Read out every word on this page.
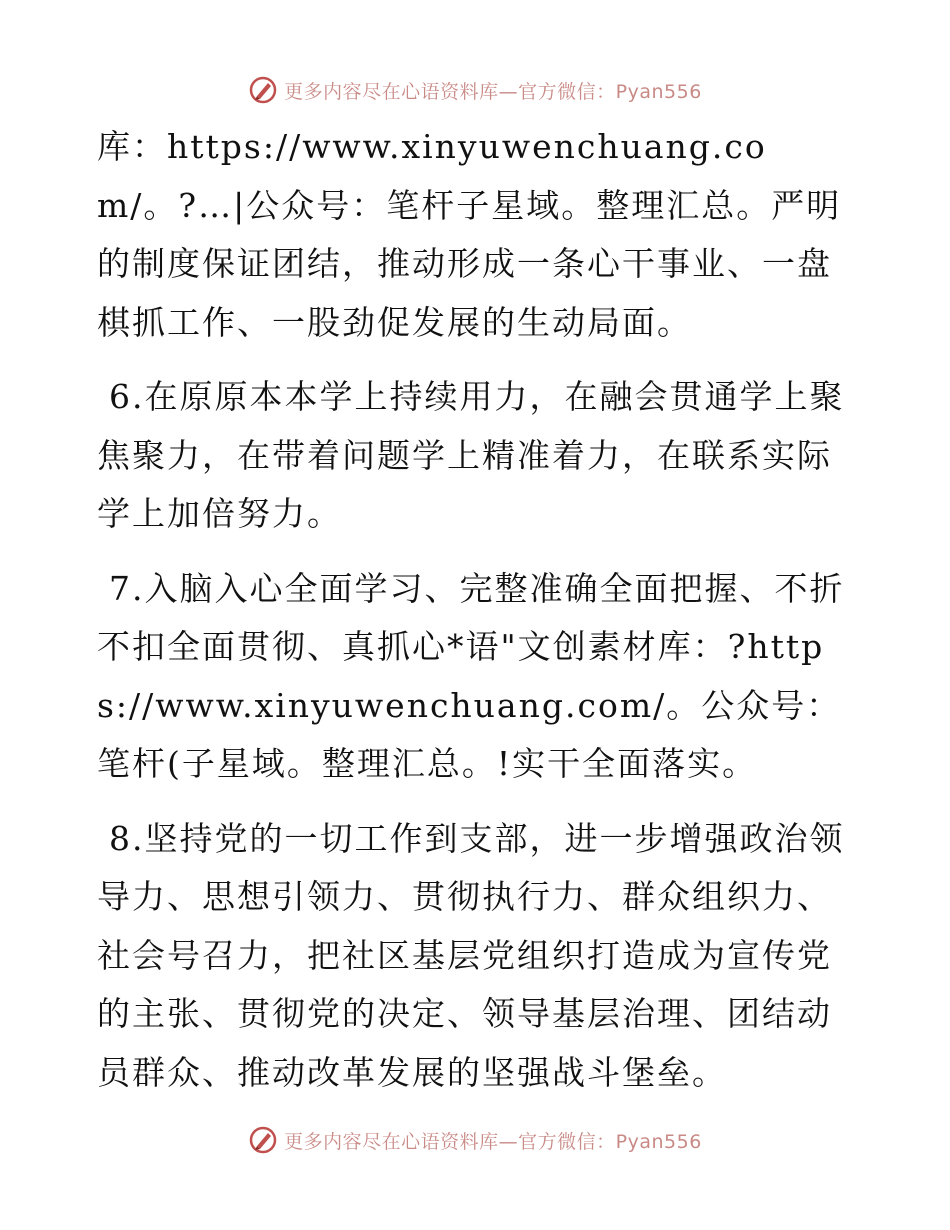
更多内容尽在心语资料库—官方微信：Pyan556

库：https://www.xinyuwenchuang.com/。?…|公众号：笔杆子星域。整理汇总。严明的制度保证团结，推动形成一条心干事业、一盘棋抓工作、一股劲促发展的生动局面。

6.在原原本本学上持续用力，在融会贯通学上聚焦聚力，在带着问题学上精准着力，在联系实际学上加倍努力。

7.入脑入心全面学习、完整准确全面把握、不折不扣全面贯彻、真抓心*语"文创素材库：?https://www.xinyuwenchuang.com/。公众号：笔杆(子星域。整理汇总。!实干全面落实。

8.坚持党的一切工作到支部，进一步增强政治领导力、思想引领力、贯彻执行力、群众组织力、社会号召力，把社区基层党组织打造成为宣传党的主张、贯彻党的决定、领导基层治理、团结动员群众、推动改革发展的坚强战斗堡垒。

更多内容尽在心语资料库—官方微信：Pyan556
